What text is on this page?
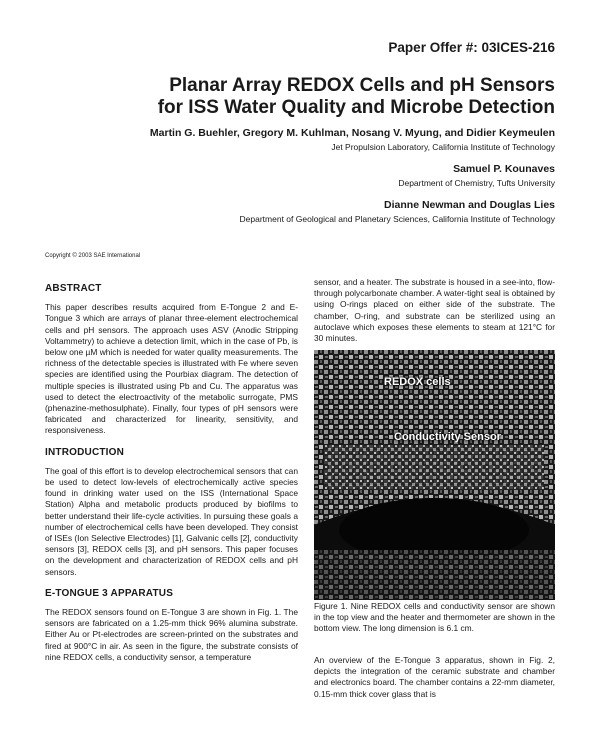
Paper Offer #: 03ICES-216
Planar Array REDOX Cells and pH Sensors
for ISS Water Quality and Microbe Detection
Martin G. Buehler, Gregory M. Kuhlman, Nosang V. Myung, and Didier Keymeulen
Jet Propulsion Laboratory, California Institute of Technology
Samuel P. Kounaves
Department of Chemistry, Tufts University
Dianne Newman and Douglas Lies
Department of Geological and Planetary Sciences, California Institute of Technology
Copyright © 2003 SAE International
ABSTRACT

This paper describes results acquired from E-Tongue 2 and E-Tongue 3 which are arrays of planar three-element electrochemical cells and pH sensors. The approach uses ASV (Anodic Stripping Voltammetry) to achieve a detection limit, which in the case of Pb, is below one µM which is needed for water quality measurements. The richness of the detectable species is illustrated with Fe where seven species are identified using the Pourbiax diagram. The detection of multiple species is illustrated using Pb and Cu. The apparatus was used to detect the electroactivity of the metabolic surrogate, PMS (phenazine-methosulphate). Finally, four types of pH sensors were fabricated and characterized for linearity, sensitivity, and responsiveness.

INTRODUCTION

The goal of this effort is to develop electrochemical sensors that can be used to detect low-levels of electrochemically active species found in drinking water used on the ISS (International Space Station) Alpha and metabolic products produced by biofilms to better understand their life-cycle activities. In pursuing these goals a number of electrochemical cells have been developed. They consist of ISEs (Ion Selective Electrodes) [1], Galvanic cells [2], conductivity sensors [3], REDOX cells [3], and pH sensors. This paper focuses on the development and characterization of REDOX cells and pH sensors.

E-TONGUE 3 APPARATUS

The REDOX sensors found on E-Tongue 3 are shown in Fig. 1. The sensors are fabricated on a 1.25-mm thick 96% alumina substrate. Either Au or Pt-electrodes are screen-printed on the substrates and fired at 900°C in air. As seen in the figure, the substrate consists of nine REDOX cells, a conductivity sensor, a temperature

sensor, and a heater. The substrate is housed in a see-into, flow-through polycarbonate chamber. A water-tight seal is obtained by using O-rings placed on either side of the substrate. The chamber, O-ring, and substrate can be sterilized using an autoclave which exposes these elements to steam at 121°C for 30 minutes.

REDOX cells
Conductivity Sensor
Figure 1. Nine REDOX cells and conductivity sensor are shown in the top view and the heater and thermometer are shown in the bottom view. The long dimension is 6.1 cm.

An overview of the E-Tongue 3 apparatus, shown in Fig. 2, depicts the integration of the ceramic substrate and chamber and electronics board. The chamber contains a 22-mm diameter, 0.15-mm thick cover glass that is
